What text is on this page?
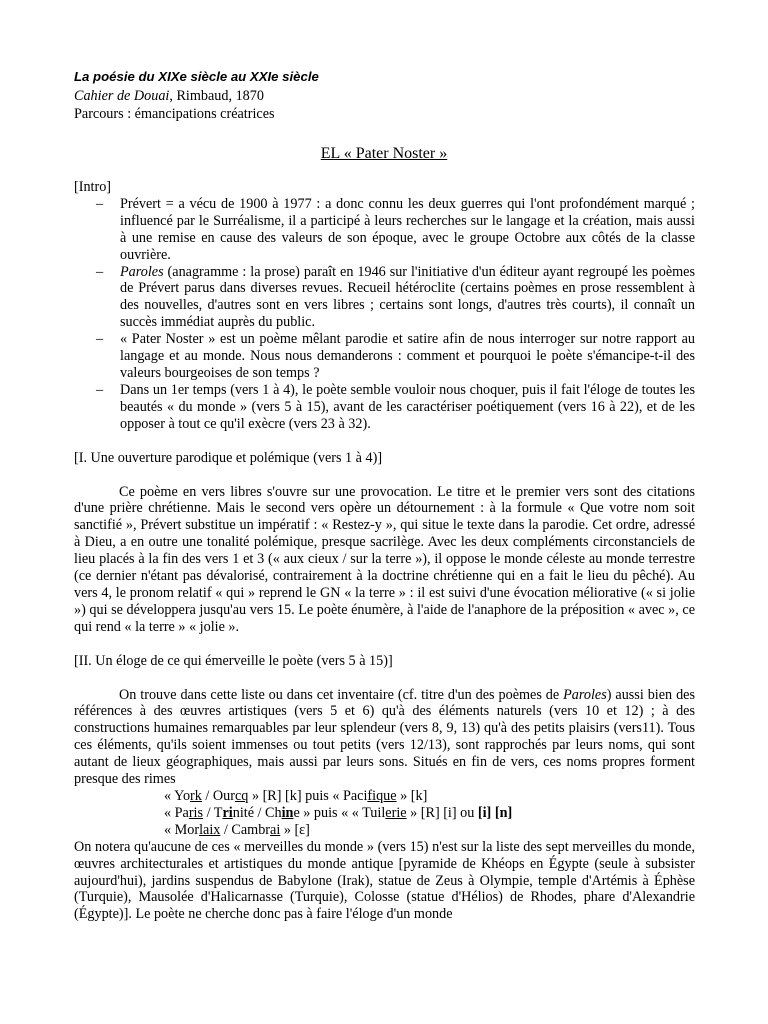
La poésie du XIXe siècle au XXIe siècle
Cahier de Douai, Rimbaud, 1870
Parcours : émancipations créatrices
EL « Pater Noster »

[Intro]

– Prévert = a vécu de 1900 à 1977 : a donc connu les deux guerres qui l'ont profondément marqué ; influencé par le Surréalisme, il a participé à leurs recherches sur le langage et la création, mais aussi à une remise en cause des valeurs de son époque, avec le groupe Octobre aux côtés de la classe ouvrière.
– Paroles (anagramme : la prose) paraît en 1946 sur l'initiative d'un éditeur ayant regroupé les poèmes de Prévert parus dans diverses revues. Recueil hétéroclite (certains poèmes en prose ressemblent à des nouvelles, d'autres sont en vers libres ; certains sont longs, d'autres très courts), il connaît un succès immédiat auprès du public.
– « Pater Noster » est un poème mêlant parodie et satire afin de nous interroger sur notre rapport au langage et au monde. Nous nous demanderons : comment et pourquoi le poète s'émancipe-t-il des valeurs bourgeoises de son temps ?
– Dans un 1er temps (vers 1 à 4), le poète semble vouloir nous choquer, puis il fait l'éloge de toutes les beautés « du monde » (vers 5 à 15), avant de les caractériser poétiquement (vers 16 à 22), et de les opposer à tout ce qu'il exècre (vers 23 à 32).

[I. Une ouverture parodique et polémique (vers 1 à 4)]

Ce poème en vers libres s'ouvre sur une provocation. Le titre et le premier vers sont des citations d'une prière chrétienne. Mais le second vers opère un détournement : à la formule « Que votre nom soit sanctifié », Prévert substitue un impératif : « Restez-y », qui situe le texte dans la parodie. Cet ordre, adressé à Dieu, a en outre une tonalité polémique, presque sacrilège. Avec les deux compléments circonstanciels de lieu placés à la fin des vers 1 et 3 (« aux cieux / sur la terre »), il oppose le monde céleste au monde terrestre (ce dernier n'étant pas dévalorisé, contrairement à la doctrine chrétienne qui en a fait le lieu du pêché). Au vers 4, le pronom relatif « qui » reprend le GN « la terre » : il est suivi d'une évocation méliorative (« si jolie ») qui se développera jusqu'au vers 15. Le poète énumère, à l'aide de l'anaphore de la préposition « avec », ce qui rend « la terre » « jolie ».

[II. Un éloge de ce qui émerveille le poète (vers 5 à 15)]

On trouve dans cette liste ou dans cet inventaire (cf. titre d'un des poèmes de Paroles) aussi bien des références à des œuvres artistiques (vers 5 et 6) qu'à des éléments naturels (vers 10 et 12) ; à des constructions humaines remarquables par leur splendeur (vers 8, 9, 13) qu'à des petits plaisirs (vers11). Tous ces éléments, qu'ils soient immenses ou tout petits (vers 12/13), sont rapprochés par leurs noms, qui sont autant de lieux géographiques, mais aussi par leurs sons. Situés en fin de vers, ces noms propres forment presque des rimes

« York / Ourcq » [R] [k] puis « Pacifique » [k]

« Paris / Trinité / Chine » puis « « Tuilerie » [R] [i] ou [i] [n]

« Morlaix / Cambrai » [ε]

On notera qu'aucune de ces « merveilles du monde » (vers 15) n'est sur la liste des sept merveilles du monde, œuvres architecturales et artistiques du monde antique [pyramide de Khéops en Égypte (seule à subsister aujourd'hui), jardins suspendus de Babylone (Irak), statue de Zeus à Olympie, temple d'Artémis à Éphèse (Turquie), Mausolée d'Halicarnasse (Turquie), Colosse (statue d'Hélios) de Rhodes, phare d'Alexandrie (Égypte)]. Le poète ne cherche donc pas à faire l'éloge d'un monde
